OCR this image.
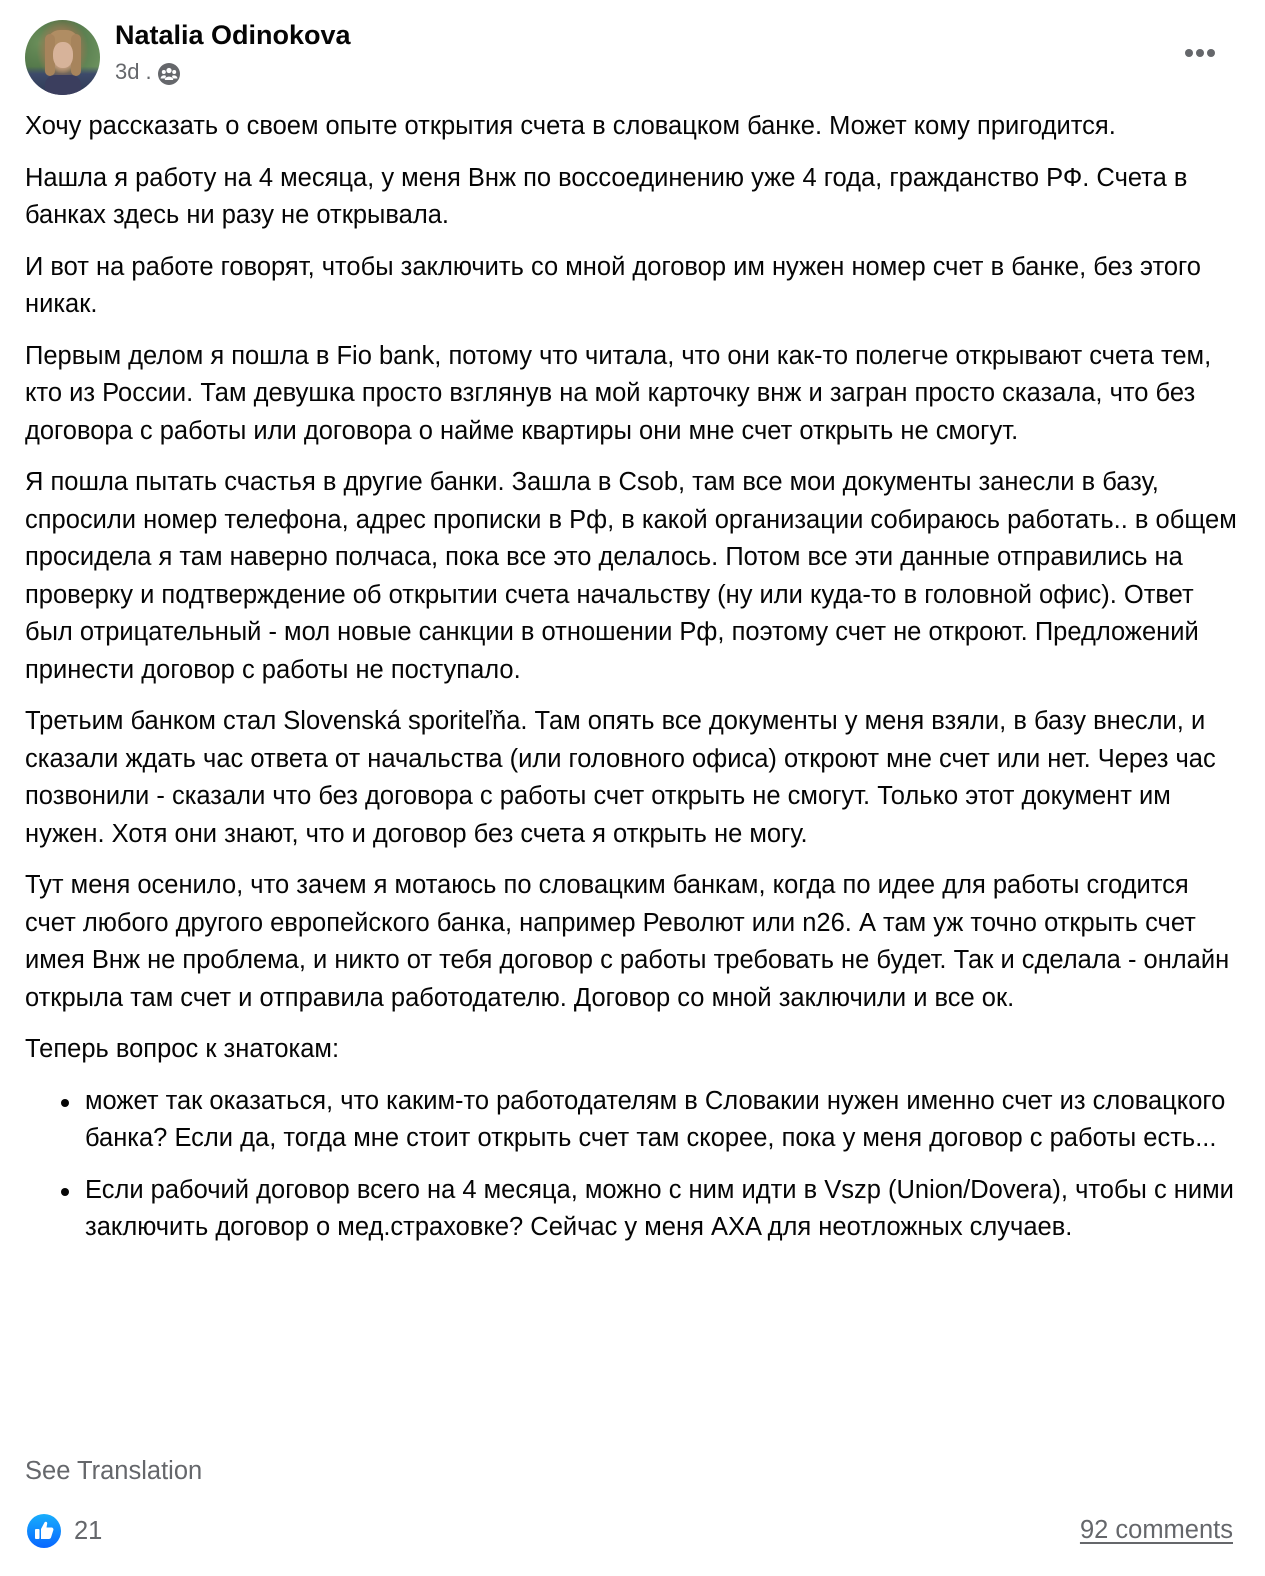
Natalia Odinokova
3d .

Хочу рассказать о своем опыте открытия счета в словацком банке. Может кому пригодится.

Нашла я работу на 4 месяца, у меня Внж по воссоединению уже 4 года, гражданство РФ. Счета в банках здесь ни разу не открывала.

И вот на работе говорят, чтобы заключить со мной договор им нужен номер счет в банке, без этого никак.

Первым делом я пошла в Fio bank, потому что читала, что они как-то полегче открывают счета тем, кто из России. Там девушка просто взглянув на мой карточку внж и загран просто сказала, что без договора с работы или договора о найме квартиры они мне счет открыть не смогут.

Я пошла пытать счастья в другие банки. Зашла в Csob, там все мои документы занесли в базу, спросили номер телефона, адрес прописки в Рф, в какой организации собираюсь работать.. в общем просидела я там наверно полчаса, пока все это делалось. Потом все эти данные отправились на проверку и подтверждение об открытии счета начальству (ну или куда-то в головной офис). Ответ был отрицательный - мол новые санкции в отношении Рф, поэтому счет не откроют. Предложений принести договор с работы не поступало.

Третьим банком стал Slovenská sporiteľňa. Там опять все документы у меня взяли, в базу внесли, и сказали ждать час ответа от начальства (или головного офиса) откроют мне счет или нет. Через час позвонили - сказали что без договора с работы счет открыть не смогут. Только этот документ им нужен. Хотя они знают, что и договор без счета я открыть не могу.

Тут меня осенило, что зачем я мотаюсь по словацким банкам, когда по идее для работы сгодится счет любого другого европейского банка, например Револют или n26. А там уж точно открыть счет имея Внж не проблема, и никто от тебя договор с работы требовать не будет. Так и сделала - онлайн открыла там счет и отправила работодателю. Договор со мной заключили и все ок.

Теперь вопрос к знатокам:

может так оказаться, что каким-то работодателям в Словакии нужен именно счет из словацкого банка? Если да, тогда мне стоит открыть счет там скорее, пока у меня договор с работы есть...
Если рабочий договор всего на 4 месяца, можно с ним идти в Vszp (Union/Dovera), чтобы с ними заключить договор о мед.страховке? Сейчас у меня AXA для неотложных случаев.
See Translation
21	92 comments
